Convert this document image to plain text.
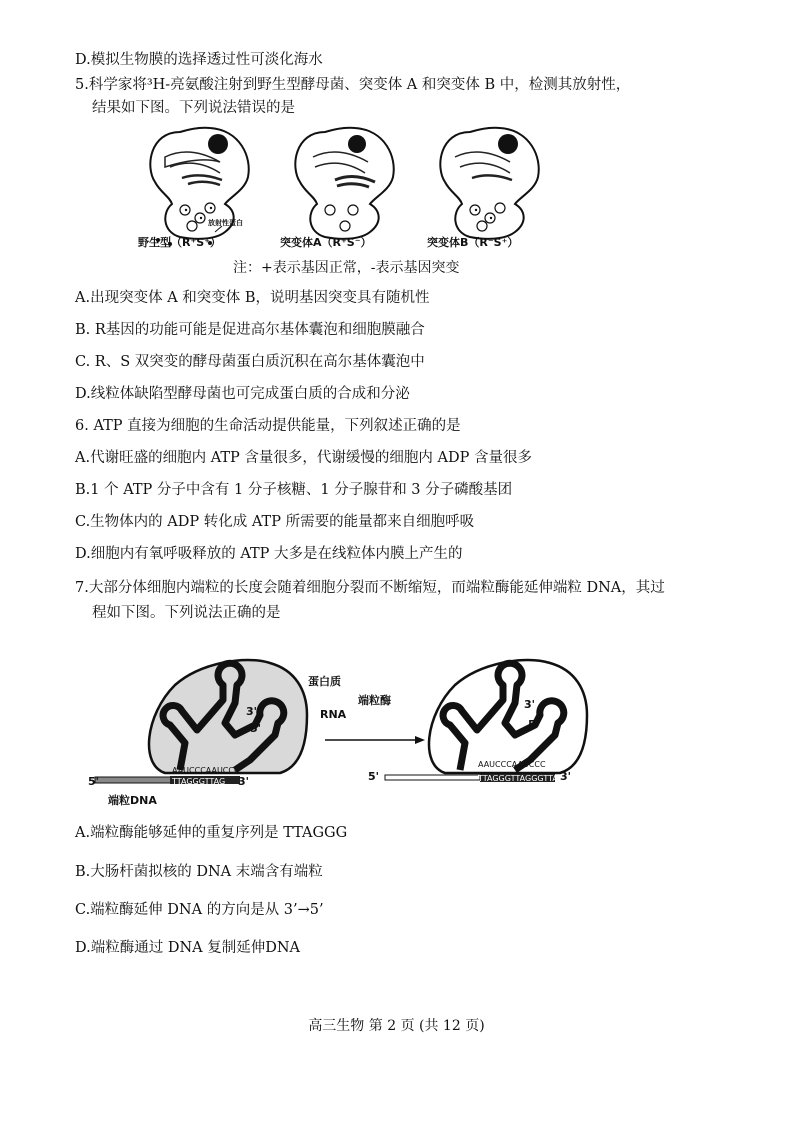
D.模拟生物膜的选择透过性可淡化海水
5.科学家将³H-亮氨酸注射到野生型酵母菌、突变体 A 和突变体 B 中，检测其放射性，
结果如下图。下列说法错误的是
放射性蛋白
野生型（R⁺S⁺）	突变体A（R⁺S⁻）	突变体B（R⁻S⁺）
注：+表示基因正常，-表示基因突变
A.出现突变体 A 和突变体 B，说明基因突变具有随机性
B. R基因的功能可能是促进高尔基体囊泡和细胞膜融合
C. R、S 双突变的酵母菌蛋白质沉积在高尔基体囊泡中
D.线粒体缺陷型酵母菌也可完成蛋白质的合成和分泌
6. ATP 直接为细胞的生命活动提供能量，下列叙述正确的是
A.代谢旺盛的细胞内 ATP 含量很多，代谢缓慢的细胞内 ADP 含量很多
B.1 个 ATP 分子中含有 1 分子核糖、1 分子腺苷和 3 分子磷酸基团
C.生物体内的 ADP 转化成 ATP 所需要的能量都来自细胞呼吸
D.细胞内有氧呼吸释放的 ATP 大多是在线粒体内膜上产生的
7.大部分体细胞内端粒的长度会随着细胞分裂而不断缩短，而端粒酶能延伸端粒 DNA，其过
程如下图。下列说法正确的是
蛋白质
RNA
端粒酶
3'
5'
AAUCCCAAUCCC
TTAGGGTTAG
5'	3'
端粒DNA
3'
5'
AAUCCCAAUCCC
TTAGGGTTAGGGTTAG
5'	3'
A.端粒酶能够延伸的重复序列是 TTAGGG
B.大肠杆菌拟核的 DNA 末端含有端粒
C.端粒酶延伸 DNA 的方向是从 3’→5’
D.端粒酶通过 DNA 复制延伸DNA
高三生物 第 2 页 (共 12 页)
